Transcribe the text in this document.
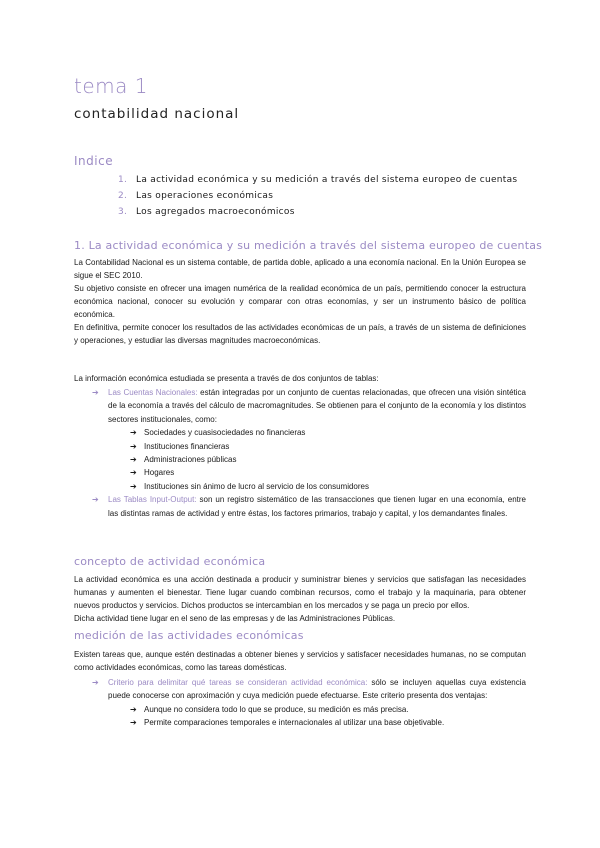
tema 1
contabilidad nacional
Indice
1. La actividad económica y su medición a través del sistema europeo de cuentas
2. Las operaciones económicas
3. Los agregados macroeconómicos
1. La actividad económica y su medición a través del sistema europeo de cuentas

La Contabilidad Nacional es un sistema contable, de partida doble, aplicado a una economía nacional. En la Unión Europea se sigue el SEC 2010.

Su objetivo consiste en ofrecer una imagen numérica de la realidad económica de un país, permitiendo conocer la estructura económica nacional, conocer su evolución y comparar con otras economías, y ser un instrumento básico de política económica.

En definitiva, permite conocer los resultados de las actividades económicas de un país, a través de un sistema de definiciones y operaciones, y estudiar las diversas magnitudes macroeconómicas.

La información económica estudiada se presenta a través de dos conjuntos de tablas:
➔ Las Cuentas Nacionales: están integradas por un conjunto de cuentas relacionadas, que ofrecen una visión sintética de la economía a través del cálculo de macromagnitudes. Se obtienen para el conjunto de la economía y los distintos sectores institucionales, como:
➔ Sociedades y cuasisociedades no financieras
➔ Instituciones financieras
➔ Administraciones públicas
➔ Hogares
➔ Instituciones sin ánimo de lucro al servicio de los consumidores
➔ Las Tablas Input-Output: son un registro sistemático de las transacciones que tienen lugar en una economía, entre las distintas ramas de actividad y entre éstas, los factores primarios, trabajo y capital, y los demandantes finales.
concepto de actividad económica

La actividad económica es una acción destinada a producir y suministrar bienes y servicios que satisfagan las necesidades humanas y aumenten el bienestar. Tiene lugar cuando combinan recursos, como el trabajo y la maquinaria, para obtener nuevos productos y servicios. Dichos productos se intercambian en los mercados y se paga un precio por ellos.

Dicha actividad tiene lugar en el seno de las empresas y de las Administraciones Públicas.

medición de las actividades económicas
Existen tareas que, aunque estén destinadas a obtener bienes y servicios y satisfacer necesidades humanas, no se computan como actividades económicas, como las tareas domésticas.
➔ Criterio para delimitar qué tareas se consideran actividad económica: sólo se incluyen aquellas cuya existencia puede conocerse con aproximación y cuya medición puede efectuarse. Este criterio presenta dos ventajas:
➔ Aunque no considera todo lo que se produce, su medición es más precisa.
➔ Permite comparaciones temporales e internacionales al utilizar una base objetivable.
